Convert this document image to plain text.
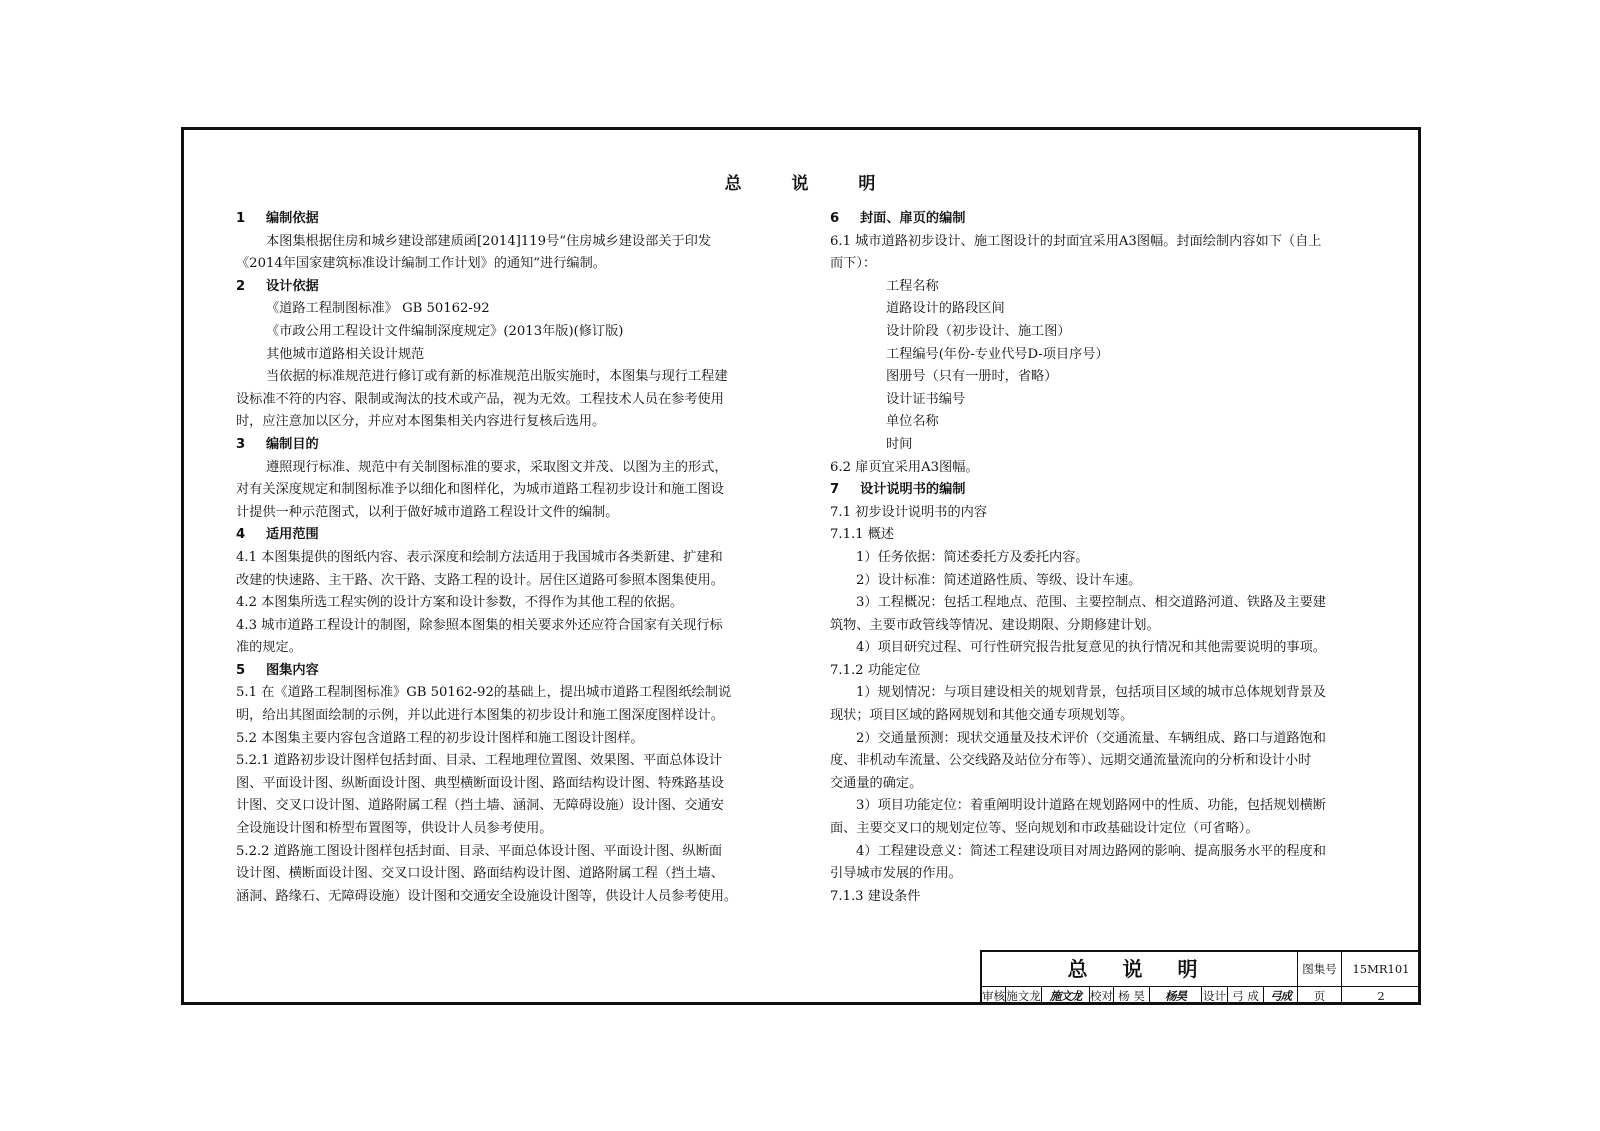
总 说 明
1 编制依据
本图集根据住房和城乡建设部建质函[2014]119号“住房城乡建设部关于印发
《2014年国家建筑标准设计编制工作计划》的通知”进行编制。
2 设计依据
《道路工程制图标准》 GB 50162-92
《市政公用工程设计文件编制深度规定》(2013年版)(修订版)
其他城市道路相关设计规范
当依据的标准规范进行修订或有新的标准规范出版实施时，本图集与现行工程建
设标准不符的内容、限制或淘汰的技术或产品，视为无效。工程技术人员在参考使用
时，应注意加以区分，并应对本图集相关内容进行复核后选用。
3 编制目的
遵照现行标准、规范中有关制图标准的要求，采取图文并茂、以图为主的形式，
对有关深度规定和制图标准予以细化和图样化，为城市道路工程初步设计和施工图设
计提供一种示范图式，以利于做好城市道路工程设计文件的编制。
4 适用范围
4.1 本图集提供的图纸内容、表示深度和绘制方法适用于我国城市各类新建、扩建和
改建的快速路、主干路、次干路、支路工程的设计。居住区道路可参照本图集使用。
4.2 本图集所选工程实例的设计方案和设计参数，不得作为其他工程的依据。
4.3 城市道路工程设计的制图，除参照本图集的相关要求外还应符合国家有关现行标
准的规定。
5 图集内容
5.1 在《道路工程制图标准》GB 50162-92的基础上，提出城市道路工程图纸绘制说
明，给出其图面绘制的示例，并以此进行本图集的初步设计和施工图深度图样设计。
5.2 本图集主要内容包含道路工程的初步设计图样和施工图设计图样。
5.2.1 道路初步设计图样包括封面、目录、工程地理位置图、效果图、平面总体设计
图、平面设计图、纵断面设计图、典型横断面设计图、路面结构设计图、特殊路基设
计图、交叉口设计图、道路附属工程（挡土墙、涵洞、无障碍设施）设计图、交通安
全设施设计图和桥型布置图等，供设计人员参考使用。
5.2.2 道路施工图设计图样包括封面、目录、平面总体设计图、平面设计图、纵断面
设计图、横断面设计图、交叉口设计图、路面结构设计图、道路附属工程（挡土墙、
涵洞、路缘石、无障碍设施）设计图和交通安全设施设计图等，供设计人员参考使用。
6 封面、扉页的编制
6.1 城市道路初步设计、施工图设计的封面宜采用A3图幅。封面绘制内容如下（自上
而下）：
工程名称
道路设计的路段区间
设计阶段（初步设计、施工图）
工程编号(年份-专业代号D-项目序号）
图册号（只有一册时，省略）
设计证书编号
单位名称
时间
6.2 扉页宜采用A3图幅。
7 设计说明书的编制
7.1 初步设计说明书的内容
7.1.1 概述
1）任务依据：简述委托方及委托内容。
2）设计标准：简述道路性质、等级、设计车速。
3）工程概况：包括工程地点、范围、主要控制点、相交道路河道、铁路及主要建
筑物、主要市政管线等情况、建设期限、分期修建计划。
4）项目研究过程、可行性研究报告批复意见的执行情况和其他需要说明的事项。
7.1.2 功能定位
1）规划情况：与项目建设相关的规划背景，包括项目区域的城市总体规划背景及
现状；项目区域的路网规划和其他交通专项规划等。
2）交通量预测：现状交通量及技术评价（交通流量、车辆组成、路口与道路饱和
度、非机动车流量、公交线路及站位分布等）、远期交通流量流向的分析和设计小时
交通量的确定。
3）项目功能定位：着重阐明设计道路在规划路网中的性质、功能，包括规划横断
面、主要交叉口的规划定位等、竖向规划和市政基础设计定位（可省略）。
4）工程建设意义：简述工程建设项目对周边路网的影响、提高服务水平的程度和
引导城市发展的作用。
7.1.3 建设条件
总 说 明	图集号	15MR101
审核 施文龙 施文龙 校对 杨 昊	杨昊	设计 弓 成 弓成	页	2
